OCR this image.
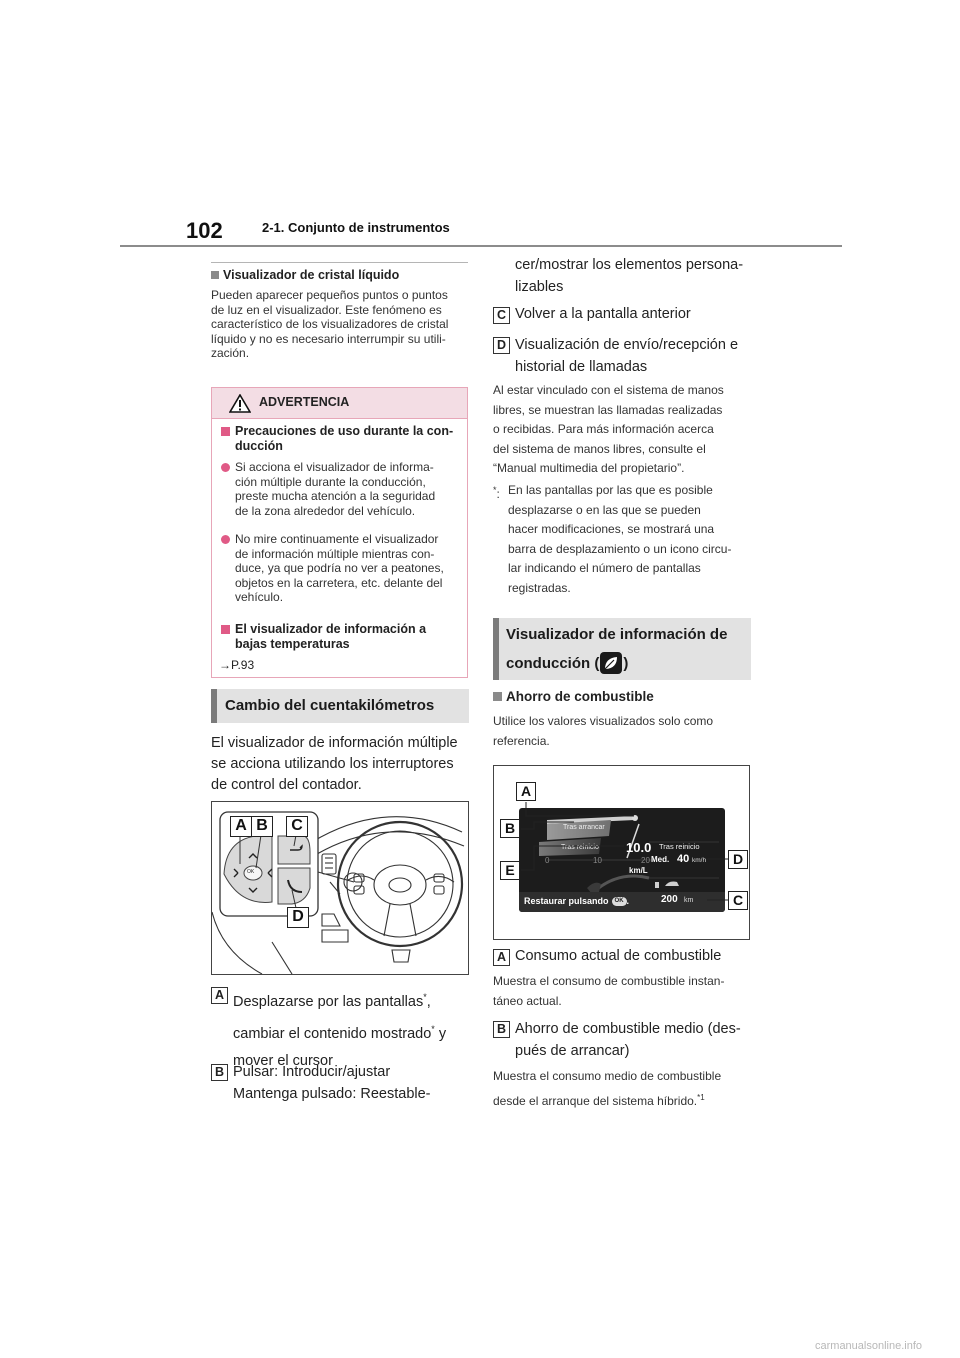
102	2-1. Conjunto de instrumentos
Visualizador de cristal líquido
Pueden aparecer pequeños puntos o puntos
de luz en el visualizador. Este fenómeno es
característico de los visualizadores de cristal
líquido y no es necesario interrumpir su utili-
zación.
ADVERTENCIA
Precauciones de uso durante la con-
ducción
Si acciona el visualizador de informa-
ción múltiple durante la conducción,
preste mucha atención a la seguridad
de la zona alrededor del vehículo.
No mire continuamente el visualizador
de información múltiple mientras con-
duce, ya que podría no ver a peatones,
objetos en la carretera, etc. delante del
vehículo.
El visualizador de información a
bajas temperaturas
→P.93
Cambio del cuentakilómetros
El visualizador de información múltiple
se acciona utilizando los interruptores
de control del contador.
A B	C
D
OK
A Desplazarse por las pantallas*,
cambiar el contenido mostrado* y
mover el cursor
B Pulsar: Introducir/ajustar
Mantenga pulsado: Reestable-
cer/mostrar los elementos persona-
lizables
C Volver a la pantalla anterior
D Visualización de envío/recepción e
historial de llamadas
Al estar vinculado con el sistema de manos
libres, se muestran las llamadas realizadas
o recibidas. Para más información acerca
del sistema de manos libres, consulte el
“Manual multimedia del propietario”.
*: En las pantallas por las que es posible
desplazarse o en las que se pueden
hacer modificaciones, se mostrará una
barra de desplazamiento o un icono circu-
lar indicando el número de pantallas
registradas.
Visualizador de información de
conducción ( )
Ahorro de combustible
Utilice los valores visualizados solo como
referencia.
Tras arrancar
Tras reinicio
0	10	20
10.0
km/L
Med.
Tras reinicio
40 km/h
Restaurar pulsando	OK .	200 km
A
B
E
D
C
A Consumo actual de combustible
Muestra el consumo de combustible instan-
táneo actual.
B Ahorro de combustible medio (des-
pués de arrancar)
Muestra el consumo medio de combustible
desde el arranque del sistema híbrido.$^{*1}$
carmanualsonline.info
